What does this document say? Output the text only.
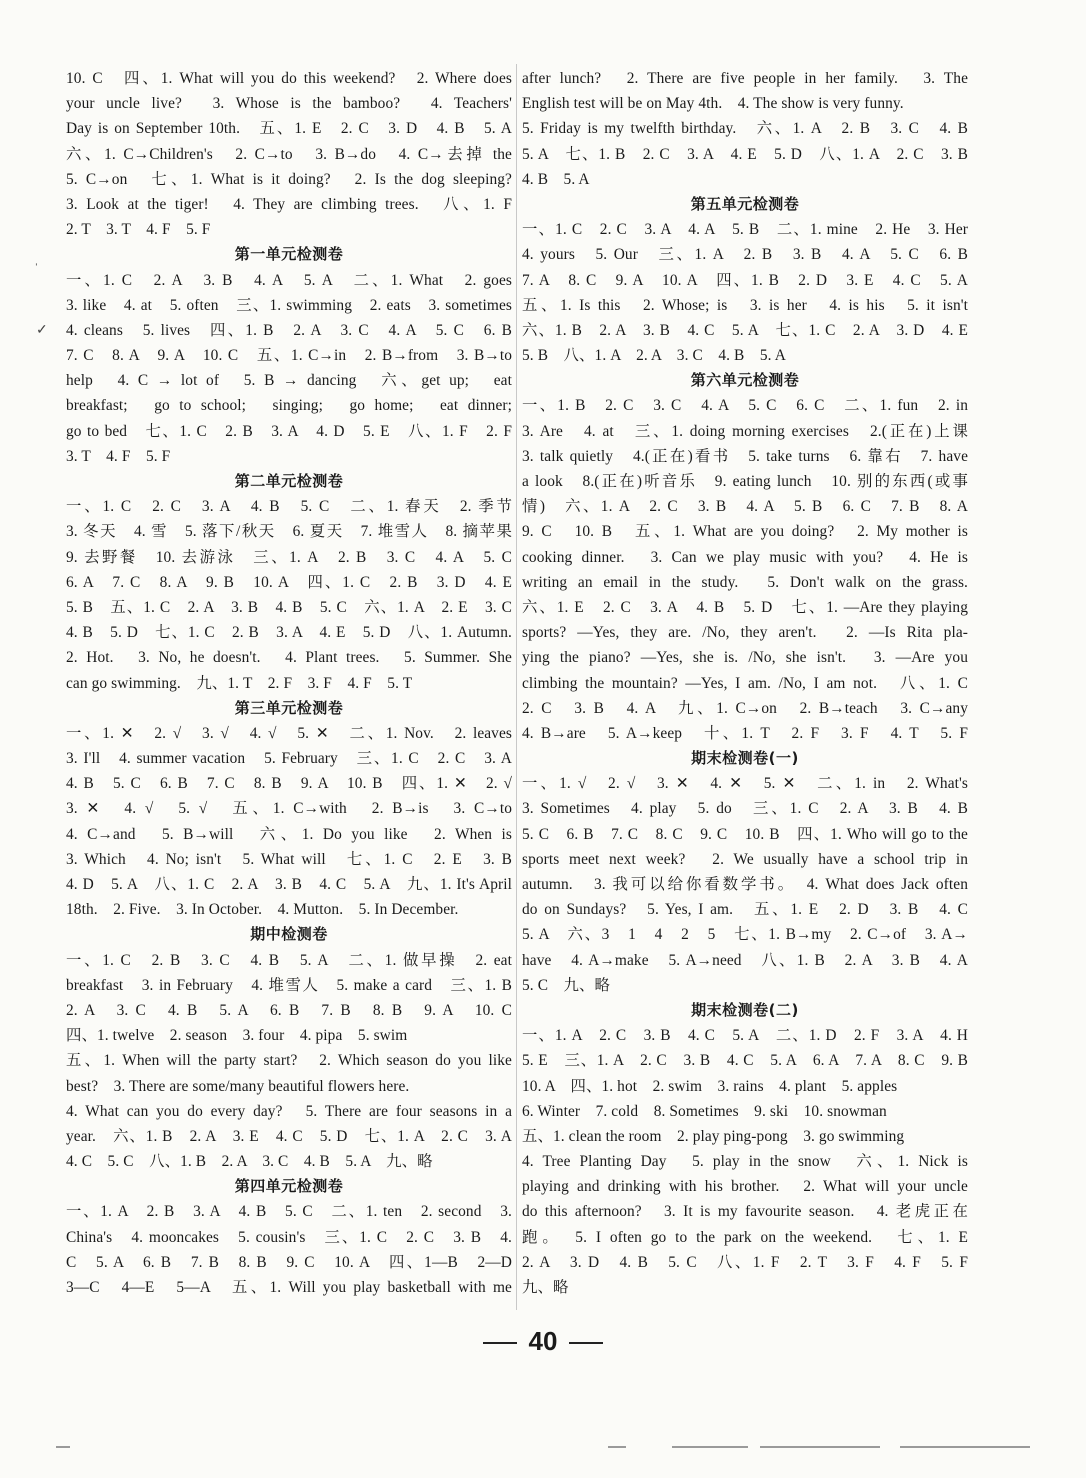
10. C　四、1. What will you do this weekend?　2. Where does
your uncle live?　3. Whose is the bamboo?　4. Teachers'
Day is on September 10th.　五、1. E　2. C　3. D　4. B　5. A
六、1. C→Children's　2. C→to　3. B→do　4. C→去掉 the
5. C→on　七、1. What is it doing?　2. Is the dog sleeping?
3. Look at the tiger!　4. They are climbing trees.　八、1. F
2. T　3. T　4. F　5. F
第一单元检测卷
一、1. C　2. A　3. B　4. A　5. A　二、1. What　2. goes
3. like　4. at　5. often　三、1. swimming　2. eats　3. sometimes
4. cleans　5. lives　四、1. B　2. A　3. C　4. A　5. C　6. B
7. C　8. A　9. A　10. C　五、1. C→in　2. B→from　3. B→to
help　4. C → lot of　5. B → dancing　六、get up;　eat
breakfast;　go to school;　singing;　go home;　eat dinner;
go to bed　七、1. C　2. B　3. A　4. D　5. E　八、1. F　2. F
3. T　4. F　5. F
第二单元检测卷
一、1. C　2. C　3. A　4. B　5. C　二、1. 春天　2. 季节
3. 冬天　4. 雪　5. 落下/秋天　6. 夏天　7. 堆雪人　8. 摘苹果
9. 去野餐　10. 去游泳　三、1. A　2. B　3. C　4. A　5. C
6. A　7. C　8. A　9. B　10. A　四、1. C　2. B　3. D　4. E
5. B　五、1. C　2. A　3. B　4. B　5. C　六、1. A　2. E　3. C
4. B　5. D　七、1. C　2. B　3. A　4. E　5. D　八、1. Autumn.
2. Hot.　3. No, he doesn't.　4. Plant trees.　5. Summer. She
can go swimming.　九、1. T　2. F　3. F　4. F　5. T
第三单元检测卷
一、1. ✕　2. √　3. √　4. √　5. ✕　二、1. Nov.　2. leaves
3. I'll　4. summer vacation　5. February　三、1. C　2. C　3. A
4. B　5. C　6. B　7. C　8. B　9. A　10. B　四、1. ✕　2. √
3. ✕　4. √　5. √　五、1. C→with　2. B→is　3. C→to
4. C→and　5. B→will　六、1. Do you like　2. When is
3. Which　4. No; isn't　5. What will　七、1. C　2. E　3. B
4. D　5. A　八、1. C　2. A　3. B　4. C　5. A　九、1. It's April
18th.　2. Five.　3. In October.　4. Mutton.　5. In December.
期中检测卷
一、1. C　2. B　3. C　4. B　5. A　二、1. 做早操　2. eat
breakfast　3. in February　4. 堆雪人　5. make a card　三、1. B
2. A　3. C　4. B　5. A　6. B　7. B　8. B　9. A　10. C
四、1. twelve　2. season　3. four　4. pipa　5. swim
五、1. When will the party start?　2. Which season do you like
best?　3. There are some/many beautiful flowers here.
4. What can you do every day?　5. There are four seasons in a
year.　六、1. B　2. A　3. E　4. C　5. D　七、1. A　2. C　3. A
4. C　5. C　八、1. B　2. A　3. C　4. B　5. A　九、略
第四单元检测卷
一、1. A　2. B　3. A　4. B　5. C　二、1. ten　2. second　3.
China's　4. mooncakes　5. cousin's　三、1. C　2. C　3. B　4.
C　5. A　6. B　7. B　8. B　9. C　10. A　四、1—B　2—D
3—C　4—E　5—A　五、1. Will you play basketball with me
after lunch?　2. There are five people in her family.　3. The
English test will be on May 4th.　4. The show is very funny.
5. Friday is my twelfth birthday.　六、1. A　2. B　3. C　4. B
5. A　七、1. B　2. C　3. A　4. E　5. D　八、1. A　2. C　3. B
4. B　5. A
第五单元检测卷
一、1. C　2. C　3. A　4. A　5. B　二、1. mine　2. He　3. Her
4. yours　5. Our　三、1. A　2. B　3. B　4. A　5. C　6. B
7. A　8. C　9. A　10. A　四、1. B　2. D　3. E　4. C　5. A
五、1. Is this　2. Whose; is　3. is her　4. is his　5. it isn't
六、1. B　2. A　3. B　4. C　5. A　七、1. C　2. A　3. D　4. E
5. B　八、1. A　2. A　3. C　4. B　5. A
第六单元检测卷
一、1. B　2. C　3. C　4. A　5. C　6. C　二、1. fun　2. in
3. Are　4. at　三、1. doing morning exercises　2.(正在)上课
3. talk quietly　4.(正在)看书　5. take turns　6. 靠右　7. have
a look　8.(正在)听音乐　9. eating lunch　10. 别的东西(或事
情)　六、1. A　2. C　3. B　4. A　5. B　6. C　7. B　8. A
9. C　10. B　五、1. What are you doing?　2. My mother is
cooking dinner.　3. Can we play music with you?　4. He is
writing an email in the study.　5. Don't walk on the grass.
六、1. E　2. C　3. A　4. B　5. D　七、1. —Are they playing
sports? —Yes, they are. /No, they aren't.　2. —Is Rita pla-
ying the piano? —Yes, she is. /No, she isn't.　3. —Are you
climbing the mountain? —Yes, I am. /No, I am not.　八、1. C
2. C　3. B　4. A　九、1. C→on　2. B→teach　3. C→any
4. B→are　5. A→keep　十、1. T　2. F　3. F　4. T　5. F
期末检测卷(一)
一、1. √　2. √　3. ✕　4. ✕　5. ✕　二、1. in　2. What's
3. Sometimes　4. play　5. do　三、1. C　2. A　3. B　4. B
5. C　6. B　7. C　8. C　9. C　10. B　四、1. Who will go to the
sports meet next week?　2. We usually have a school trip in
autumn.　3. 我可以给你看数学书。　4. What does Jack often
do on Sundays?　5. Yes, I am.　五、1. E　2. D　3. B　4. C
5. A　六、3　1　4　2　5　七、1. B→my　2. C→of　3. A→
have　4. A→make　5. A→need　八、1. B　2. A　3. B　4. A
5. C　九、略
期末检测卷(二)
一、1. A　2. C　3. B　4. C　5. A　二、1. D　2. F　3. A　4. H
5. E　三、1. A　2. C　3. B　4. C　5. A　6. A　7. A　8. C　9. B
10. A　四、1. hot　2. swim　3. rains　4. plant　5. apples
6. Winter　7. cold　8. Sometimes　9. ski　10. snowman
五、1. clean the room　2. play ping-pong　3. go swimming
4. Tree Planting Day　5. play in the snow　六、1. Nick is
playing and drinking with his brother.　2. What will your uncle
do this afternoon?　3. It is my favourite season.　4. 老虎正在
跑。　5. I often go to the park on the weekend.　七、1. E
2. A　3. D　4. B　5. C　八、1. F　2. T　3. F　4. F　5. F
九、略
ˈ
✓
40
